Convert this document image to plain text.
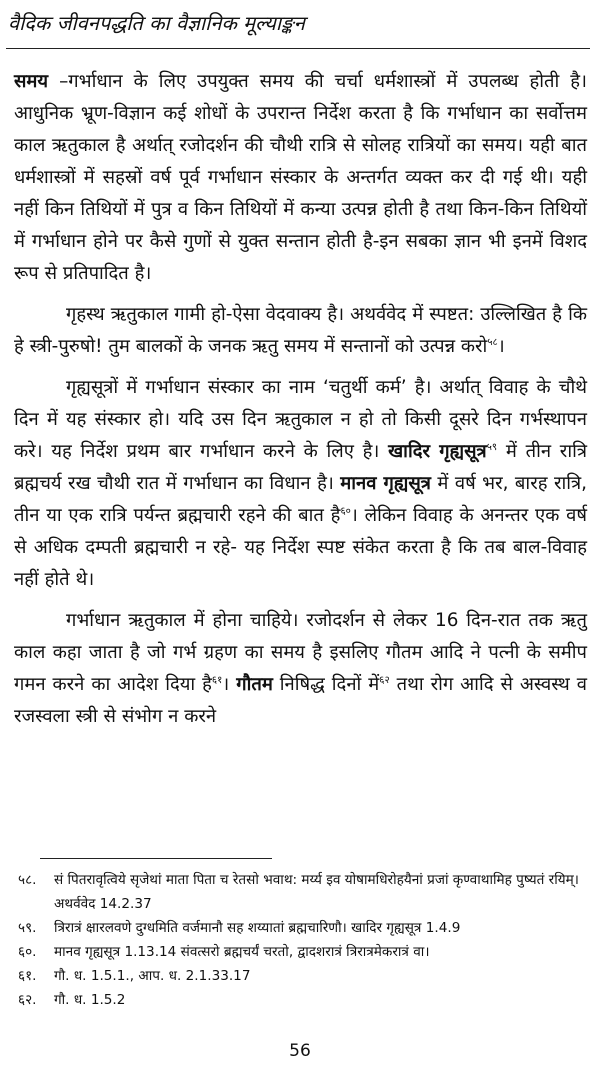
वैदिक जीवनपद्धति का वैज्ञानिक मूल्याङ्कन

समय –गर्भाधान के लिए उपयुक्त समय की चर्चा धर्मशास्त्रों में उपलब्ध होती है। आधुनिक भ्रूण-विज्ञान कई शोधों के उपरान्त निर्देश करता है कि गर्भाधान का सर्वोत्तम काल ऋतुकाल है अर्थात् रजोदर्शन की चौथी रात्रि से सोलह रात्रियों का समय। यही बात धर्मशास्त्रों में सहस्रों वर्ष पूर्व गर्भाधान संस्कार के अन्तर्गत व्यक्त कर दी गई थी। यही नहीं किन तिथियों में पुत्र व किन तिथियों में कन्या उत्पन्न होती है तथा किन-किन तिथियों में गर्भाधान होने पर कैसे गुणों से युक्त सन्तान होती है-इन सबका ज्ञान भी इनमें विशद रूप से प्रतिपादित है।

गृहस्थ ऋतुकाल गामी हो-ऐसा वेदवाक्य है। अथर्ववेद में स्पष्टत: उल्लिखित है कि हे स्त्री-पुरुषो! तुम बालकों के जनक ऋतु समय में सन्तानों को उत्पन्न करो$^{५८}$।

गृह्यसूत्रों में गर्भाधान संस्कार का नाम ‘चतुर्थी कर्म’ है। अर्थात् विवाह के चौथे दिन में यह संस्कार हो। यदि उस दिन ऋतुकाल न हो तो किसी दूसरे दिन गर्भस्थापन करे। यह निर्देश प्रथम बार गर्भाधान करने के लिए है। खादिर गृह्यसूत्र$^{५९}$ में तीन रात्रि ब्रह्मचर्य रख चौथी रात में गर्भाधान का विधान है। मानव गृह्यसूत्र में वर्ष भर, बारह रात्रि, तीन या एक रात्रि पर्यन्त ब्रह्मचारी रहने की बात है$^{६०}$। लेकिन विवाह के अनन्तर एक वर्ष से अधिक दम्पती ब्रह्मचारी न रहे- यह निर्देश स्पष्ट संकेत करता है कि तब बाल-विवाह नहीं होते थे।

गर्भाधान ऋतुकाल में होना चाहिये। रजोदर्शन से लेकर 16 दिन-रात तक ऋतु काल कहा जाता है जो गर्भ ग्रहण का समय है इसलिए गौतम आदि ने पत्नी के समीप गमन करने का आदेश दिया है$^{६१}$। गौतम निषिद्ध दिनों में$^{६२}$ तथा रोग आदि से अस्वस्थ व रजस्वला स्त्री से संभोग न करने

५८.	सं पितरावृत्विये सृजेथां माता पिता च रेतसो भवाथ: मर्य्य इव योषामधिरोहयैनां प्रजां कृण्वाथामिह पुष्यतं रयिम्। अथर्ववेद 14.2.37
५९.	त्रिरात्रं क्षारलवणे दुग्धमिति वर्जमानौ सह शय्यातां ब्रह्मचारिणौ। खादिर गृह्यसूत्र 1.4.9
६०.	मानव गृह्यसूत्र 1.13.14 संवत्सरो ब्रह्मचर्यं चरतो, द्वादशरात्रं त्रिरात्रमेकरात्रं वा।
६१.	गौ. ध. 1.5.1., आप. ध. 2.1.33.17
६२.	गौ. ध. 1.5.2
56
